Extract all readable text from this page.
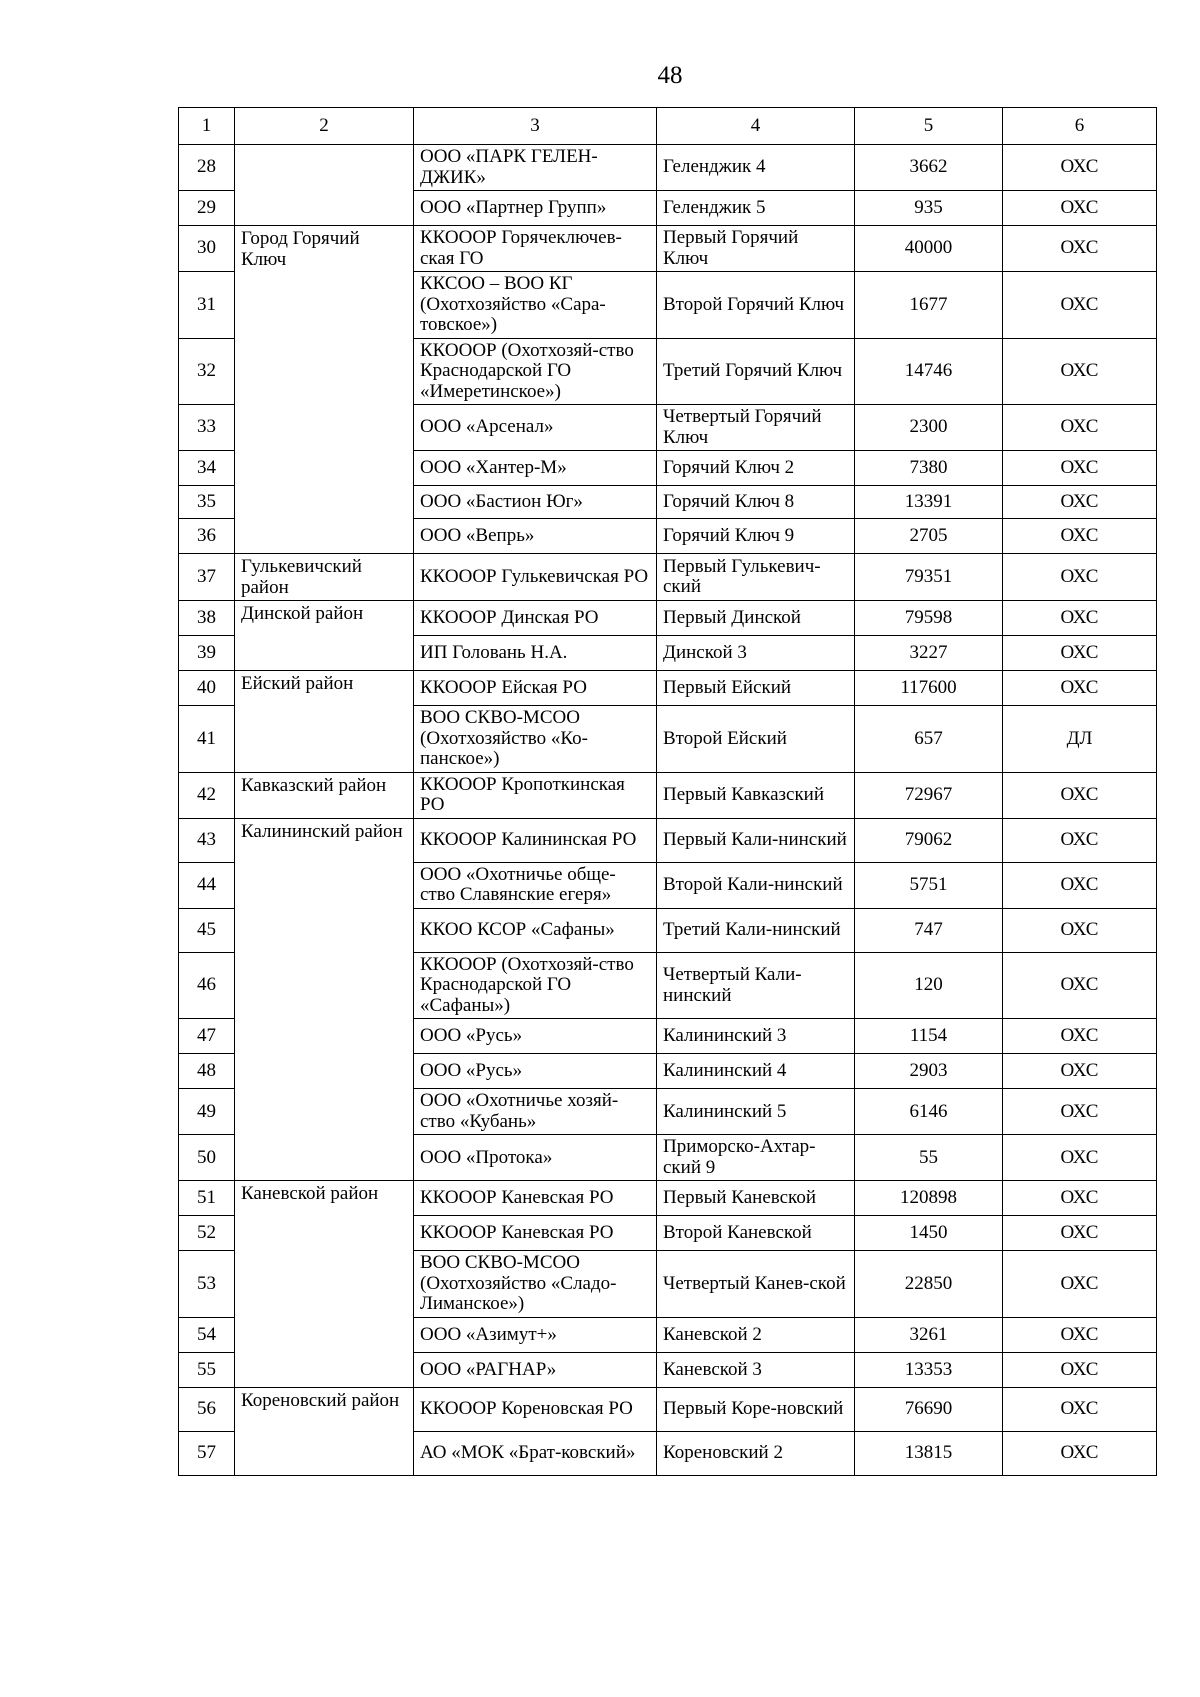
48
1	2	3	4	5	6
28		ООО «ПАРК ГЕЛЕН-ДЖИК»	Геленджик 4	3662	ОХС
29		ООО «Партнер Групп»	Геленджик 5	935	ОХС
30	Город Горячий Ключ	ККОООР Горячеключев-ская ГО	Первый Горячий Ключ	40000	ОХС
31		ККСОО – ВОО КГ (Охотхозяйство «Сара-товское»)	Второй Горячий Ключ	1677	ОХС
32		ККОООР (Охотхозяй-ство Краснодарской ГО «Имеретинское»)	Третий Горячий Ключ	14746	ОХС
33		ООО «Арсенал»	Четвертый Горячий Ключ	2300	ОХС
34		ООО «Хантер-М»	Горячий Ключ 2	7380	ОХС
35		ООО «Бастион Юг»	Горячий Ключ 8	13391	ОХС
36		ООО «Вепрь»	Горячий Ключ 9	2705	ОХС
37	Гулькевичский район	ККОООР Гулькевичская РО	Первый Гулькевич-ский	79351	ОХС
38	Динской район	ККОООР Динская РО	Первый Динской	79598	ОХС
39		ИП Головань Н.А.	Динской 3	3227	ОХС
40	Ейский район	ККОООР Ейская РО	Первый Ейский	117600	ОХС
41		ВОО СКВО-МСОО (Охотхозяйство «Ко-панское»)	Второй Ейский	657	ДЛ
42	Кавказский район	ККОООР Кропоткинская РО	Первый Кавказский	72967	ОХС
43	Калининский район	ККОООР Калининская РО	Первый Кали-нинский	79062	ОХС
44		ООО «Охотничье обще-ство Славянские егеря»	Второй Кали-нинский	5751	ОХС
45		ККОО КСОР «Сафаны»	Третий Кали-нинский	747	ОХС
46		ККОООР (Охотхозяй-ство Краснодарской ГО «Сафаны»)	Четвертый Кали-нинский	120	ОХС
47		ООО «Русь»	Калининский 3	1154	ОХС
48		ООО «Русь»	Калининский 4	2903	ОХС
49		ООО «Охотничье хозяй-ство «Кубань»	Калининский 5	6146	ОХС
50		ООО «Протока»	Приморско-Ахтар-ский 9	55	ОХС
51	Каневской район	ККОООР Каневская РО	Первый Каневской	120898	ОХС
52		ККОООР Каневская РО	Второй Каневской	1450	ОХС
53		ВОО СКВО-МСОО (Охотхозяйство «Сладо-Лиманское»)	Четвертый Канев-ской	22850	ОХС
54		ООО «Азимут+»	Каневской 2	3261	ОХС
55		ООО «РАГНАР»	Каневской 3	13353	ОХС
56	Кореновский район	ККОООР Кореновская РО	Первый Коре-новский	76690	ОХС
57		АО «МОК «Брат-ковский»	Кореновский 2	13815	ОХС
